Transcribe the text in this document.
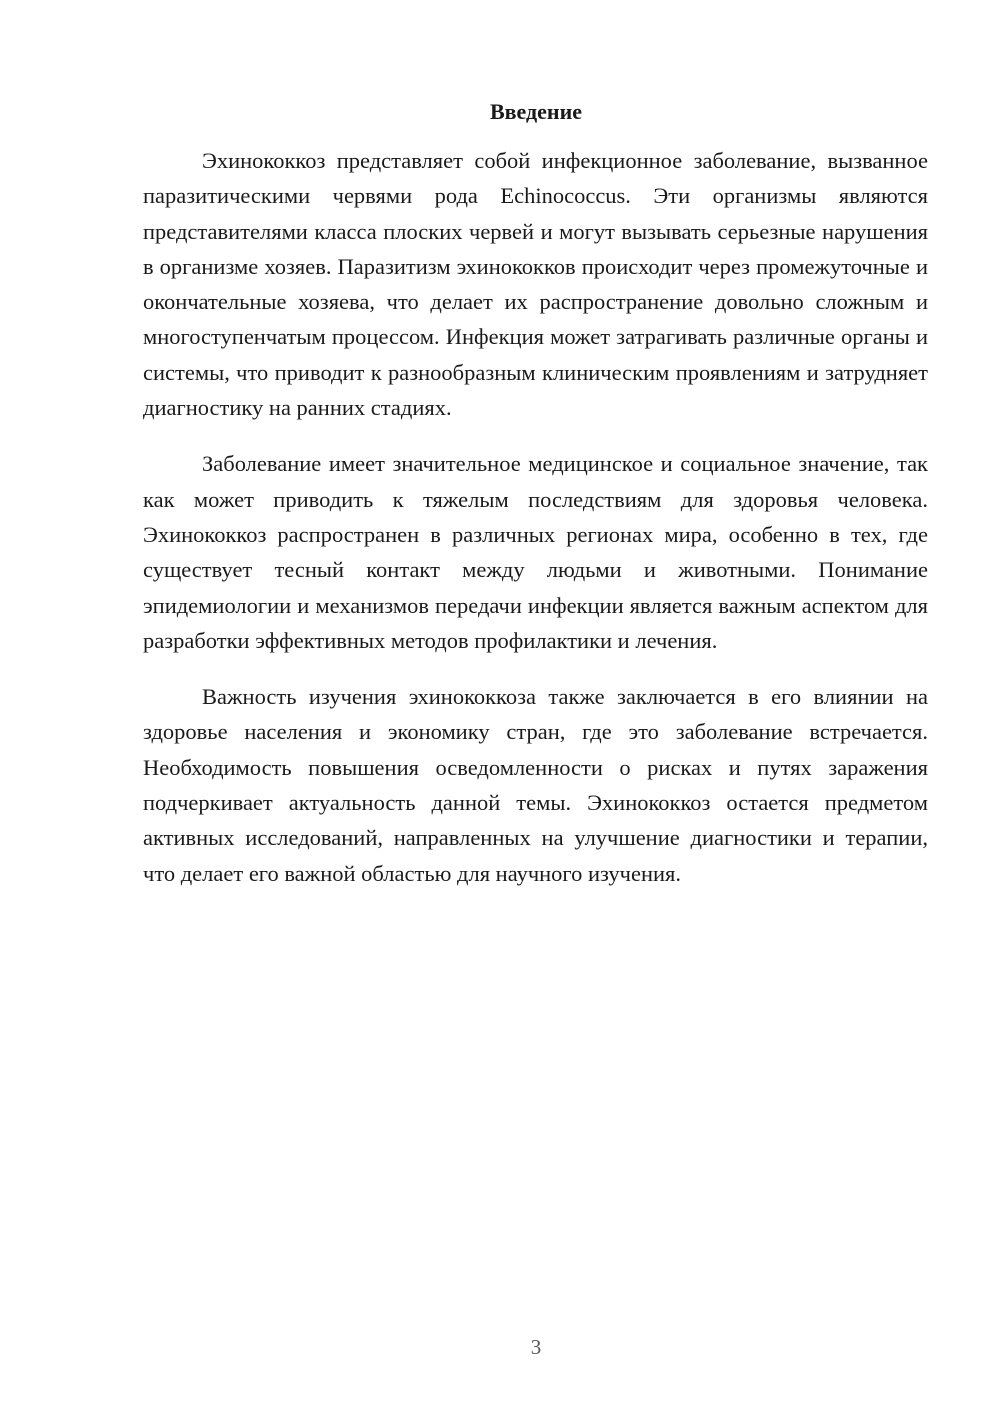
Введение

Эхинококкоз представляет собой инфекционное заболевание, вызванное паразитическими червями рода Echinococcus. Эти организмы являются представителями класса плоских червей и могут вызывать серьезные нарушения в организме хозяев. Паразитизм эхинококков происходит через промежуточные и окончательные хозяева, что делает их распространение довольно сложным и многоступенчатым процессом. Инфекция может затрагивать различные органы и системы, что приводит к разнообразным клиническим проявлениям и затрудняет диагностику на ранних стадиях.

Заболевание имеет значительное медицинское и социальное значение, так как может приводить к тяжелым последствиям для здоровья человека. Эхинококкоз распространен в различных регионах мира, особенно в тех, где существует тесный контакт между людьми и животными. Понимание эпидемиологии и механизмов передачи инфекции является важным аспектом для разработки эффективных методов профилактики и лечения.

Важность изучения эхинококкоза также заключается в его влиянии на здоровье населения и экономику стран, где это заболевание встречается. Необходимость повышения осведомленности о рисках и путях заражения подчеркивает актуальность данной темы. Эхинококкоз остается предметом активных исследований, направленных на улучшение диагностики и терапии, что делает его важной областью для научного изучения.

3
